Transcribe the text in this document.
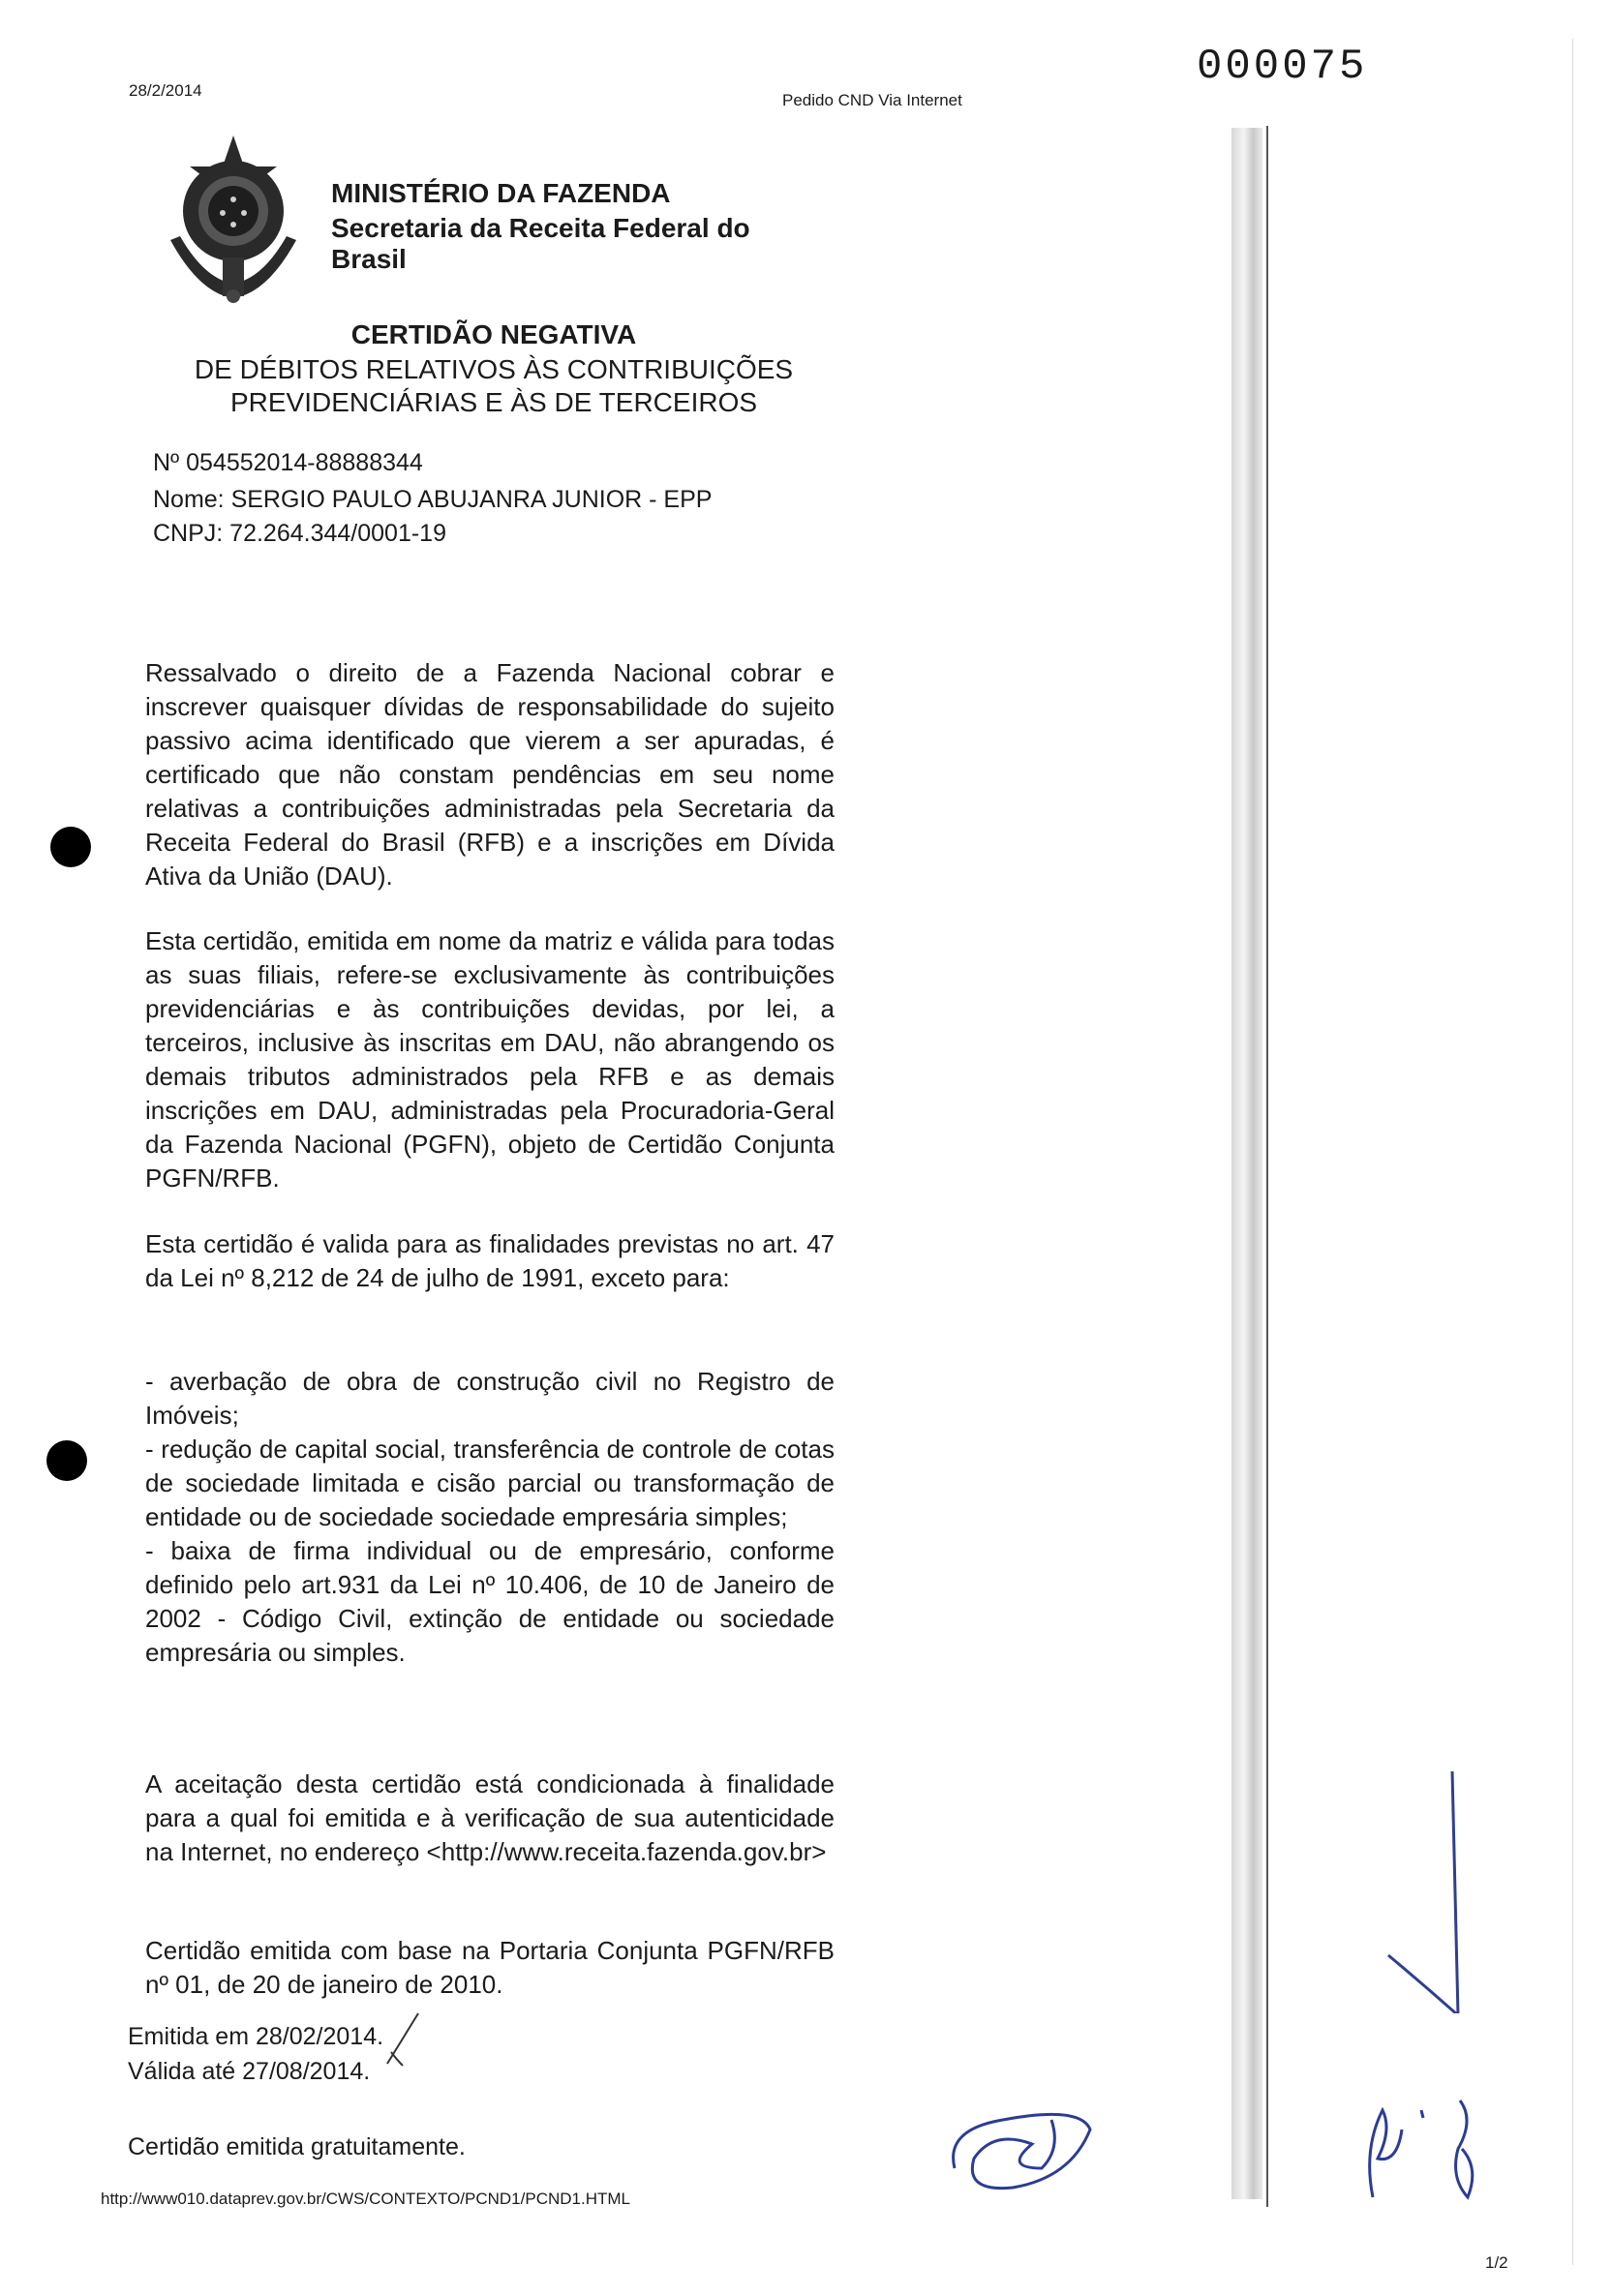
28/2/2014
Pedido CND Via Internet
000075
MINISTÉRIO DA FAZENDA
Secretaria da Receita Federal do
Brasil
CERTIDÃO NEGATIVA
DE DÉBITOS RELATIVOS ÀS CONTRIBUIÇÕES
PREVIDENCIÁRIAS E ÀS DE TERCEIROS
Nº 054552014-88888344
Nome: SERGIO PAULO ABUJANRA JUNIOR - EPP
CNPJ: 72.264.344/0001-19
Ressalvado o direito de a Fazenda Nacional cobrar e inscrever quaisquer dívidas de responsabilidade do sujeito passivo acima identificado que vierem a ser apuradas, é certificado que não constam pendências em seu nome relativas a contribuições administradas pela Secretaria da Receita Federal do Brasil (RFB) e a inscrições em Dívida Ativa da União (DAU).
Esta certidão, emitida em nome da matriz e válida para todas as suas filiais, refere-se exclusivamente às contribuições previdenciárias e às contribuições devidas, por lei, a terceiros, inclusive às inscritas em DAU, não abrangendo os demais tributos administrados pela RFB e as demais inscrições em DAU, administradas pela Procuradoria-Geral da Fazenda Nacional (PGFN), objeto de Certidão Conjunta PGFN/RFB.
Esta certidão é valida para as finalidades previstas no art. 47 da Lei nº 8,212 de 24 de julho de 1991, exceto para:
- averbação de obra de construção civil no Registro de Imóveis;
- redução de capital social, transferência de controle de cotas de sociedade limitada e cisão parcial ou transformação de entidade ou de sociedade sociedade empresária simples;
- baixa de firma individual ou de empresário, conforme definido pelo art.931 da Lei nº 10.406, de 10 de Janeiro de 2002 - Código Civil, extinção de entidade ou sociedade empresária ou simples.
A aceitação desta certidão está condicionada à finalidade para a qual foi emitida e à verificação de sua autenticidade na Internet, no endereço <http://www.receita.fazenda.gov.br>
Certidão emitida com base na Portaria Conjunta PGFN/RFB nº 01, de 20 de janeiro de 2010.
Emitida em 28/02/2014.
Válida até 27/08/2014.
Certidão emitida gratuitamente.
http://www010.dataprev.gov.br/CWS/CONTEXTO/PCND1/PCND1.HTML
1/2
